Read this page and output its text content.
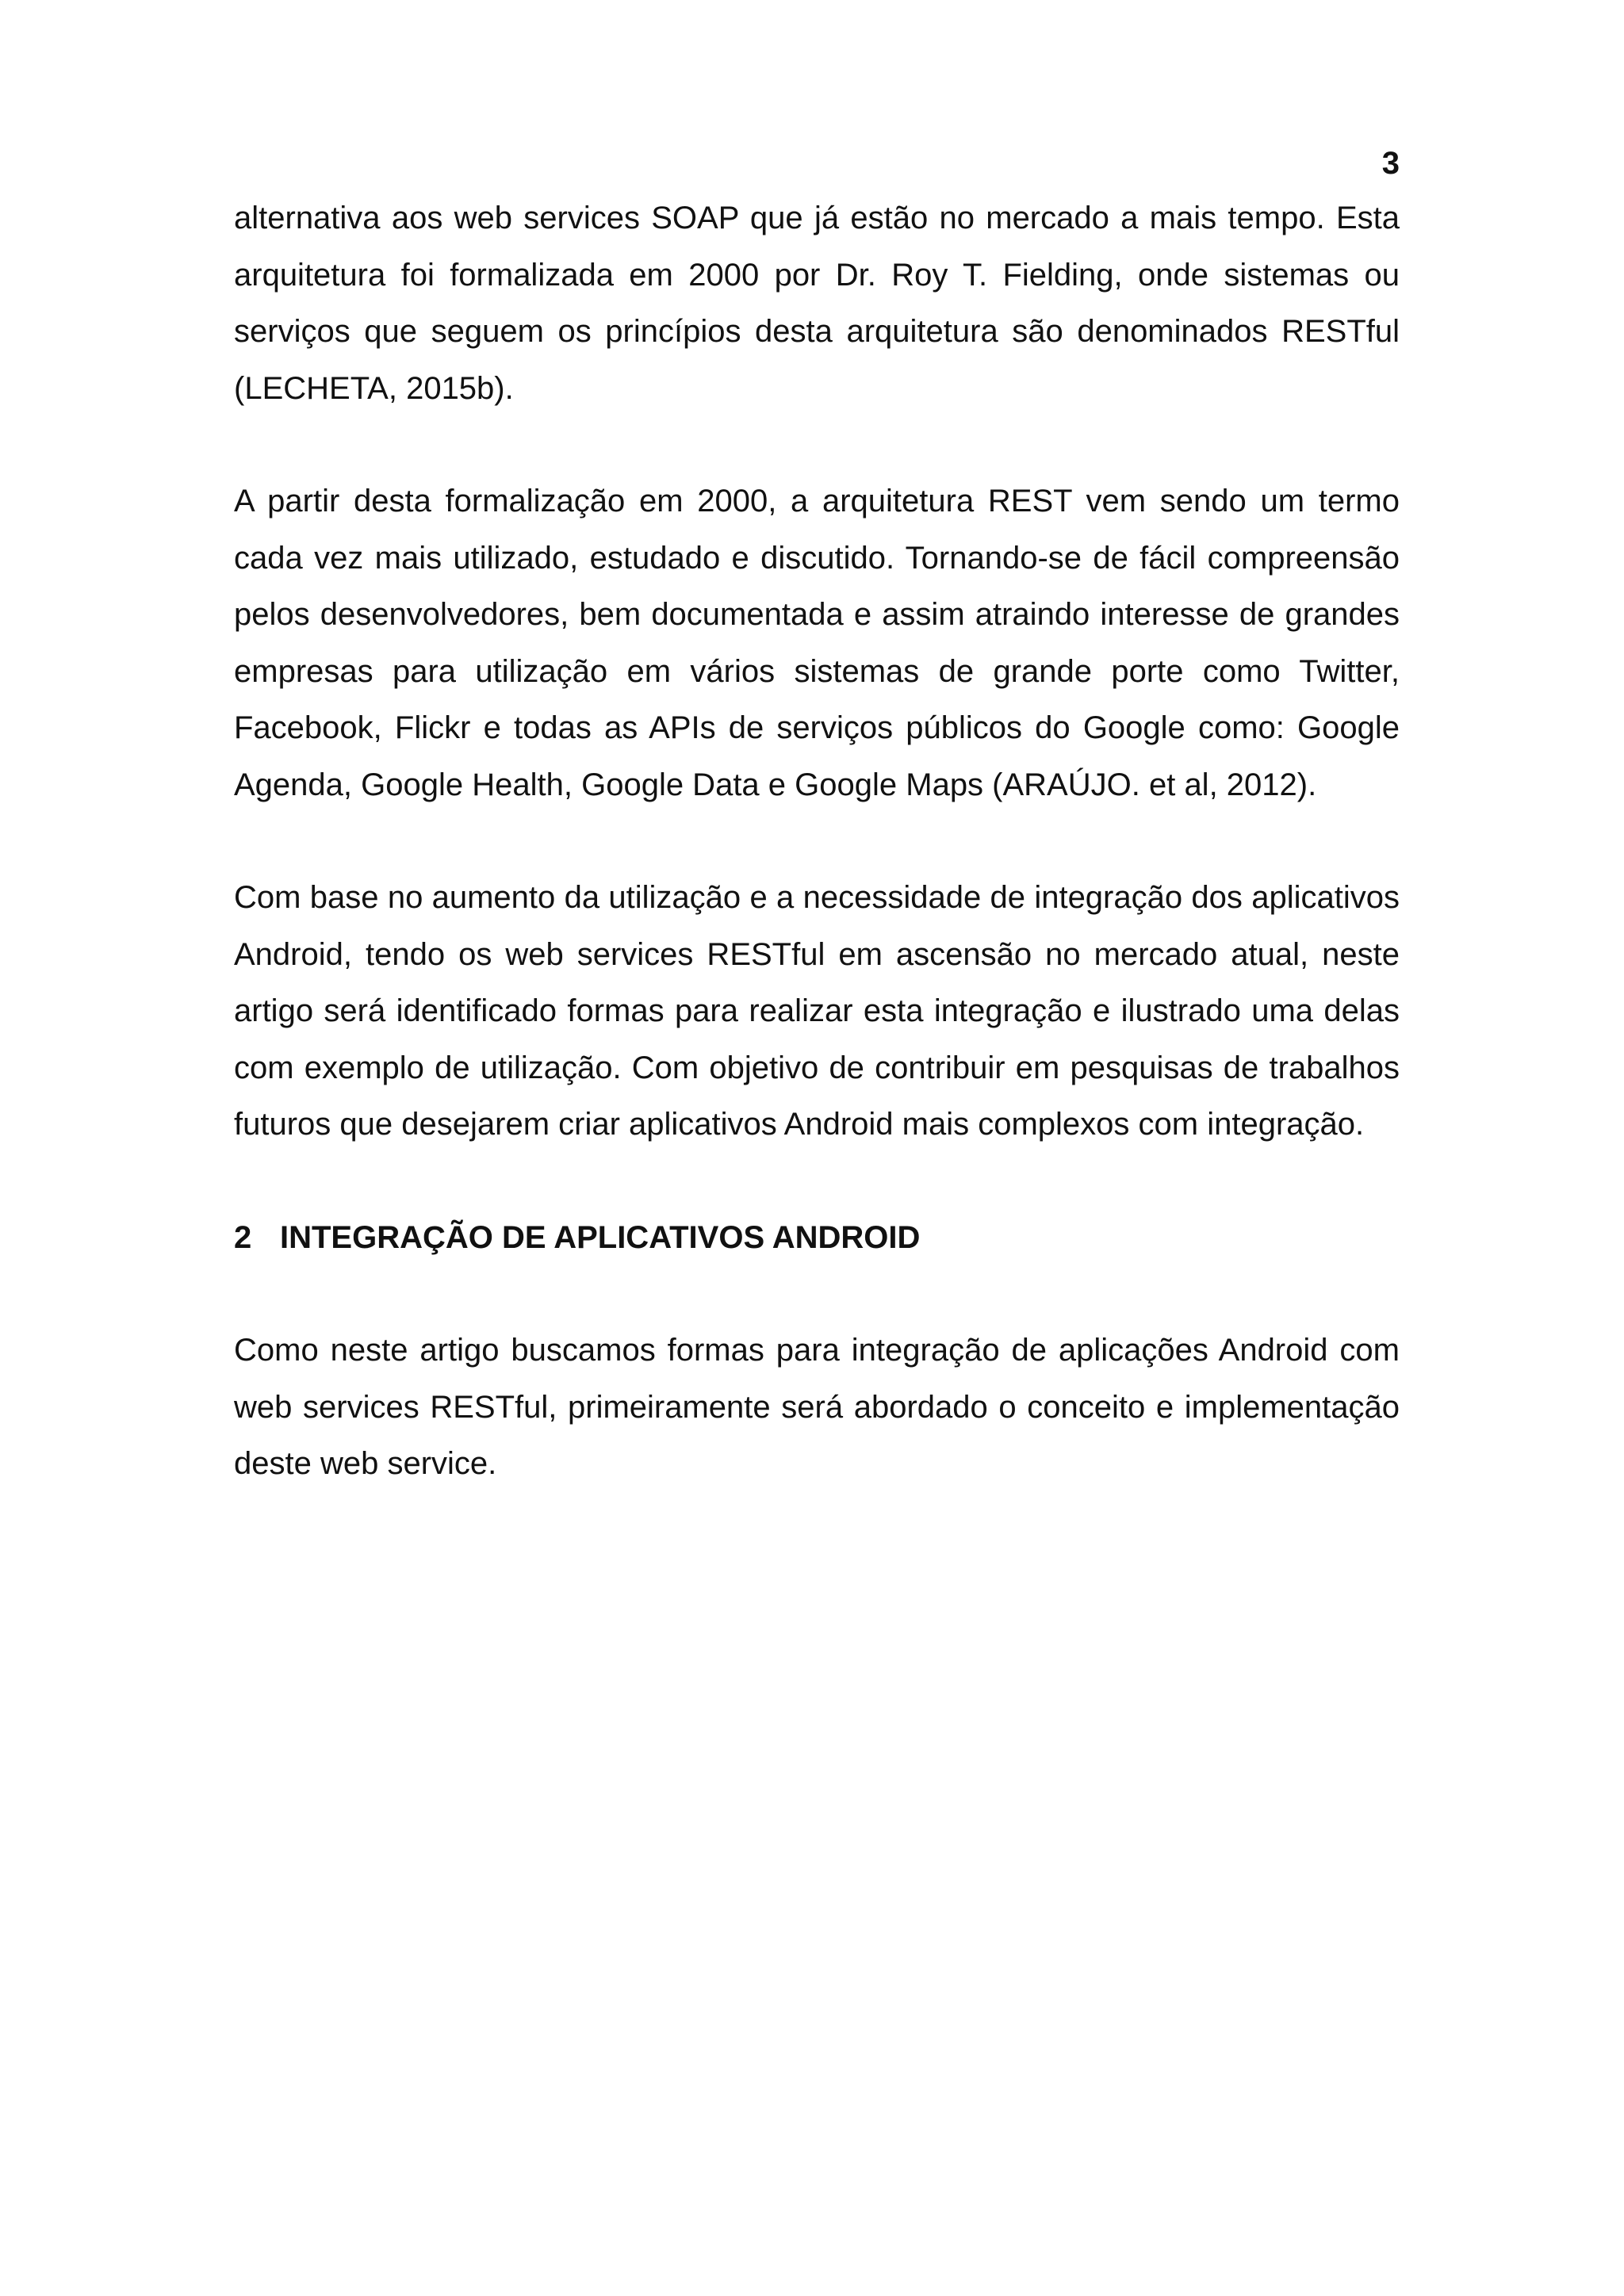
3

alternativa aos web services SOAP que já estão no mercado a mais tempo. Esta arquitetura foi formalizada em 2000 por Dr. Roy T. Fielding, onde sistemas ou serviços que seguem os princípios desta arquitetura são denominados RESTful (LECHETA, 2015b).

A partir desta formalização em 2000, a arquitetura REST vem sendo um termo cada vez mais utilizado, estudado e discutido. Tornando-se de fácil compreensão pelos desenvolvedores, bem documentada e assim atraindo interesse de grandes empresas para utilização em vários sistemas de grande porte como Twitter, Facebook, Flickr e todas as APIs de serviços públicos do Google como: Google Agenda, Google Health, Google Data e Google Maps (ARAÚJO. et al, 2012).

Com base no aumento da utilização e a necessidade de integração dos aplicativos Android, tendo os web services RESTful em ascensão no mercado atual, neste artigo será identificado formas para realizar esta integração e ilustrado uma delas com exemplo de utilização. Com objetivo de contribuir em pesquisas de trabalhos futuros que desejarem criar aplicativos Android mais complexos com integração.

2 INTEGRAÇÃO DE APLICATIVOS ANDROID

Como neste artigo buscamos formas para integração de aplicações Android com web services RESTful, primeiramente será abordado o conceito e implementação deste web service.
